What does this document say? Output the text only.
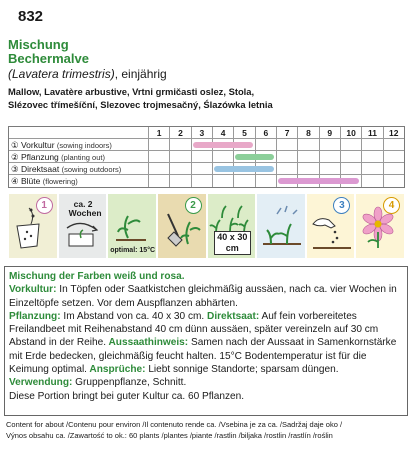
832
Mischung
Bechermalve
(Lavatera trimestris), einjährig
Mallow, Lavatère arbustive, Vrtni grmičasti oslez, Stola,
Slézovec třímešíční, Slezovec trojmesačný, Ślazówka letnia
1	2	3	4	5	6	7	8	9	10	11	12
① Vorkultur (sowing indoors)
② Pflanzung (planting out)
③ Direktsaat (sowing outdoors)
④ Blüte (flowering)
1	ca. 2
Wochen
optimal: 15°C
2
40 x 30 cm
3	4
Mischung der Farben weiß und rosa.
Vorkultur: In Töpfen oder Saatkistchen gleichmäßig aussäen, nach ca. vier Wochen in Einzeltöpfe setzen. Vor dem Auspflanzen abhärten.
Pflanzung: Im Abstand von ca. 40 x 30 cm. Direktsaat: Auf fein vorbereitetes Freilandbeet mit Reihenabstand 40 cm dünn aussäen, später vereinzeln auf 30 cm Abstand in der Reihe. Aussaathinweis: Samen nach der Aussaat in Samenkornstärke mit Erde bedecken, gleichmäßig feucht halten. 15°C Bodentemperatur ist für die Keimung optimal. Ansprüche: Liebt sonnige Standorte; sparsam düngen. Verwendung: Gruppenpflanze, Schnitt.
Diese Portion bringt bei guter Kultur ca. 60 Pflanzen.
Content for about /Contenu pour environ /Il contenuto rende ca. /Vsebina je za ca. /Sadržaj daje oko /
Výnos obsahu ca. /Zawartość to ok.: 60 plants /plantes /piante /rastlin /biljaka /rostlin /rastlín /roślin
